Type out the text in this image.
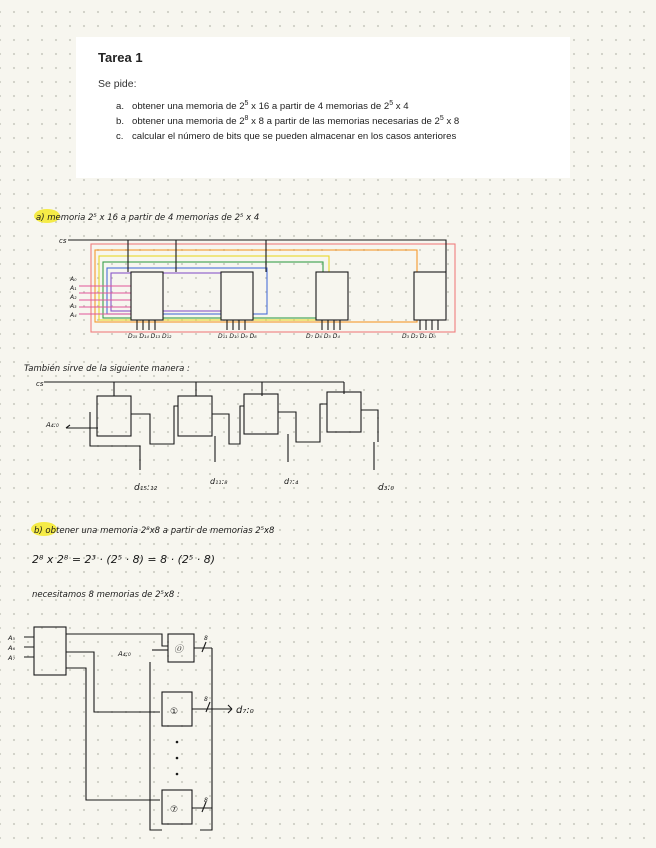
Tarea 1
Se pide:
a. obtener una memoria de $2^5$ x 16 a partir de 4 memorias de $2^5$ x 4
b. obtener una memoria de $2^8$ x 8 a partir de las memorias necesarias de $2^5$ x 8
c. calcular el número de bits que se pueden almacenar en los casos anteriores
a) memoria 2⁵ x 16 a partir de 4 memorias de 2⁵ x 4
cs
A₀
A₁
A₂
A₃
A₄
D₁₅ D₁₄ D₁₃ D₁₂	D₁₁ D₁₀ D₉ D₈	D₇ D₆ D₅ D₄	D₃ D₂ D₁ D₀
También sirve de la siguiente manera :
cs
A₄:₀
d₁₅:₁₂
d₁₁:₈	d₇:₄
d₃:₀
b) obtener una memoria 2⁸x8 a partir de memorias 2⁵x8
2⁸ x 2⁸ = 2³ · (2⁵ · 8) = 8 · (2⁵ · 8)
necesitamos 8 memorias de 2⁵x8 :
A₅
A₆
A₇	A₄:₀	⓪
①
⑦
8
8
8
d₇:₀
